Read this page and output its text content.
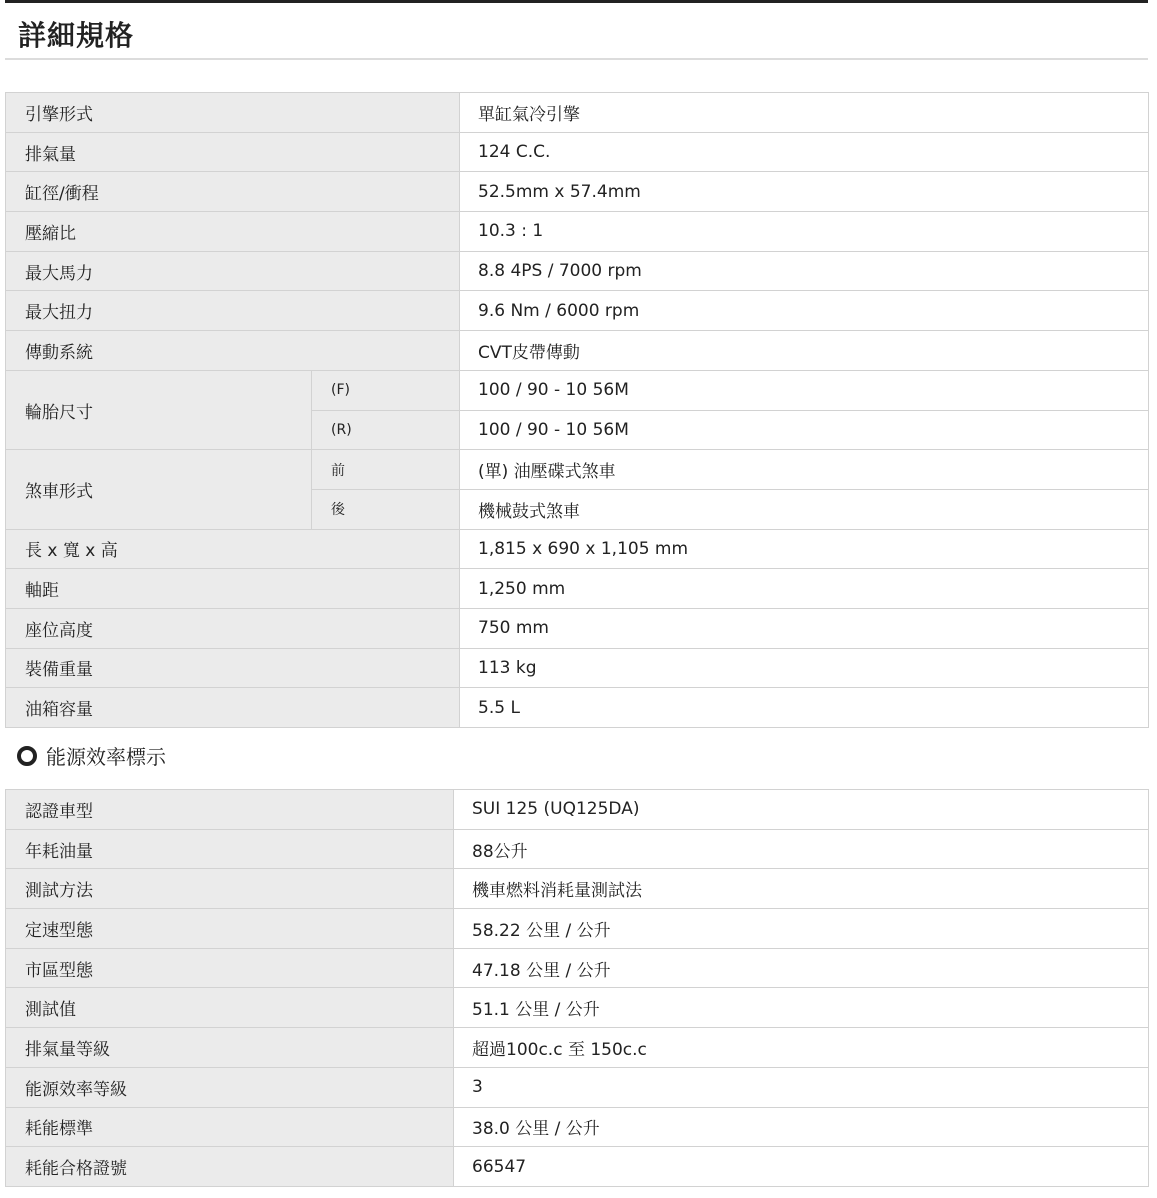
詳細規格
引擎形式		單缸氣冷引擎
排氣量		124 C.C.
缸徑/衝程		52.5mm x 57.4mm
壓縮比		10.3 : 1
最大馬力		8.8 4PS / 7000 rpm
最大扭力		9.6 Nm / 6000 rpm
傳動系統		CVT皮帶傳動
輪胎尺寸	(F)	100 / 90 - 10 56M
	(R)	100 / 90 - 10 56M
煞車形式	前	(單) 油壓碟式煞車
	後	機械鼓式煞車
長 x 寬 x 高		1,815 x 690 x 1,105 mm
軸距		1,250 mm
座位高度		750 mm
裝備重量		113 kg
油箱容量		5.5 L
能源效率標示
認證車型	SUI 125 (UQ125DA)
年耗油量	88公升
測試方法	機車燃料消耗量測試法
定速型態	58.22 公里 / 公升
市區型態	47.18 公里 / 公升
測試值	51.1 公里 / 公升
排氣量等級	超過100c.c 至 150c.c
能源效率等級	3
耗能標準	38.0 公里 / 公升
耗能合格證號	66547
